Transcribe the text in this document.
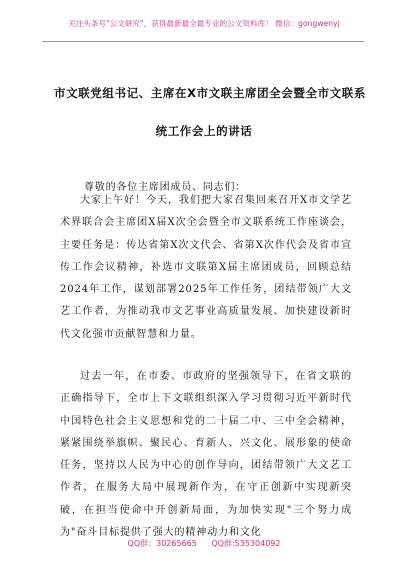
关注头条号"公文研究"，获得最新最全最专业的公文资料库！ 微信：gongwenyj
市文联党组书记、主席在X市文联主席团全会暨全市文联系
统工作会上的讲话
尊敬的各位主席团成员、同志们：

大家上午好！今天，我们把大家召集回来召开X市文学艺术界联合会主席团X届X次全会暨全市文联系统工作座谈会，主要任务是：传达省第X次文代会、省第X次作代会及省市宣传工作会议精神，补选市文联第X届主席团成员，回顾总结2024年工作，谋划部署2025年工作任务，团结带领广大文艺工作者，为推动我市文艺事业高质量发展、加快建设新时代文化强市贡献智慧和力量。

过去一年，在市委、市政府的坚强领导下，在省文联的正确指导下，全市上下文联组织深入学习贯彻习近平新时代中国特色社会主义思想和党的二十届二中、三中全会精神，紧紧围绕举旗帜、聚民心、育新人、兴文化、展形象的使命任务，坚持以人民为中心的创作导向，团结带领广大文艺工作者，在服务大局中展现新作为，在守正创新中实现新突破，在担当使命中开创新局面，为加快实现"三个努力成为"奋斗目标提供了强大的精神动力和文化

QQ群：30265665 QQ群:535304092
